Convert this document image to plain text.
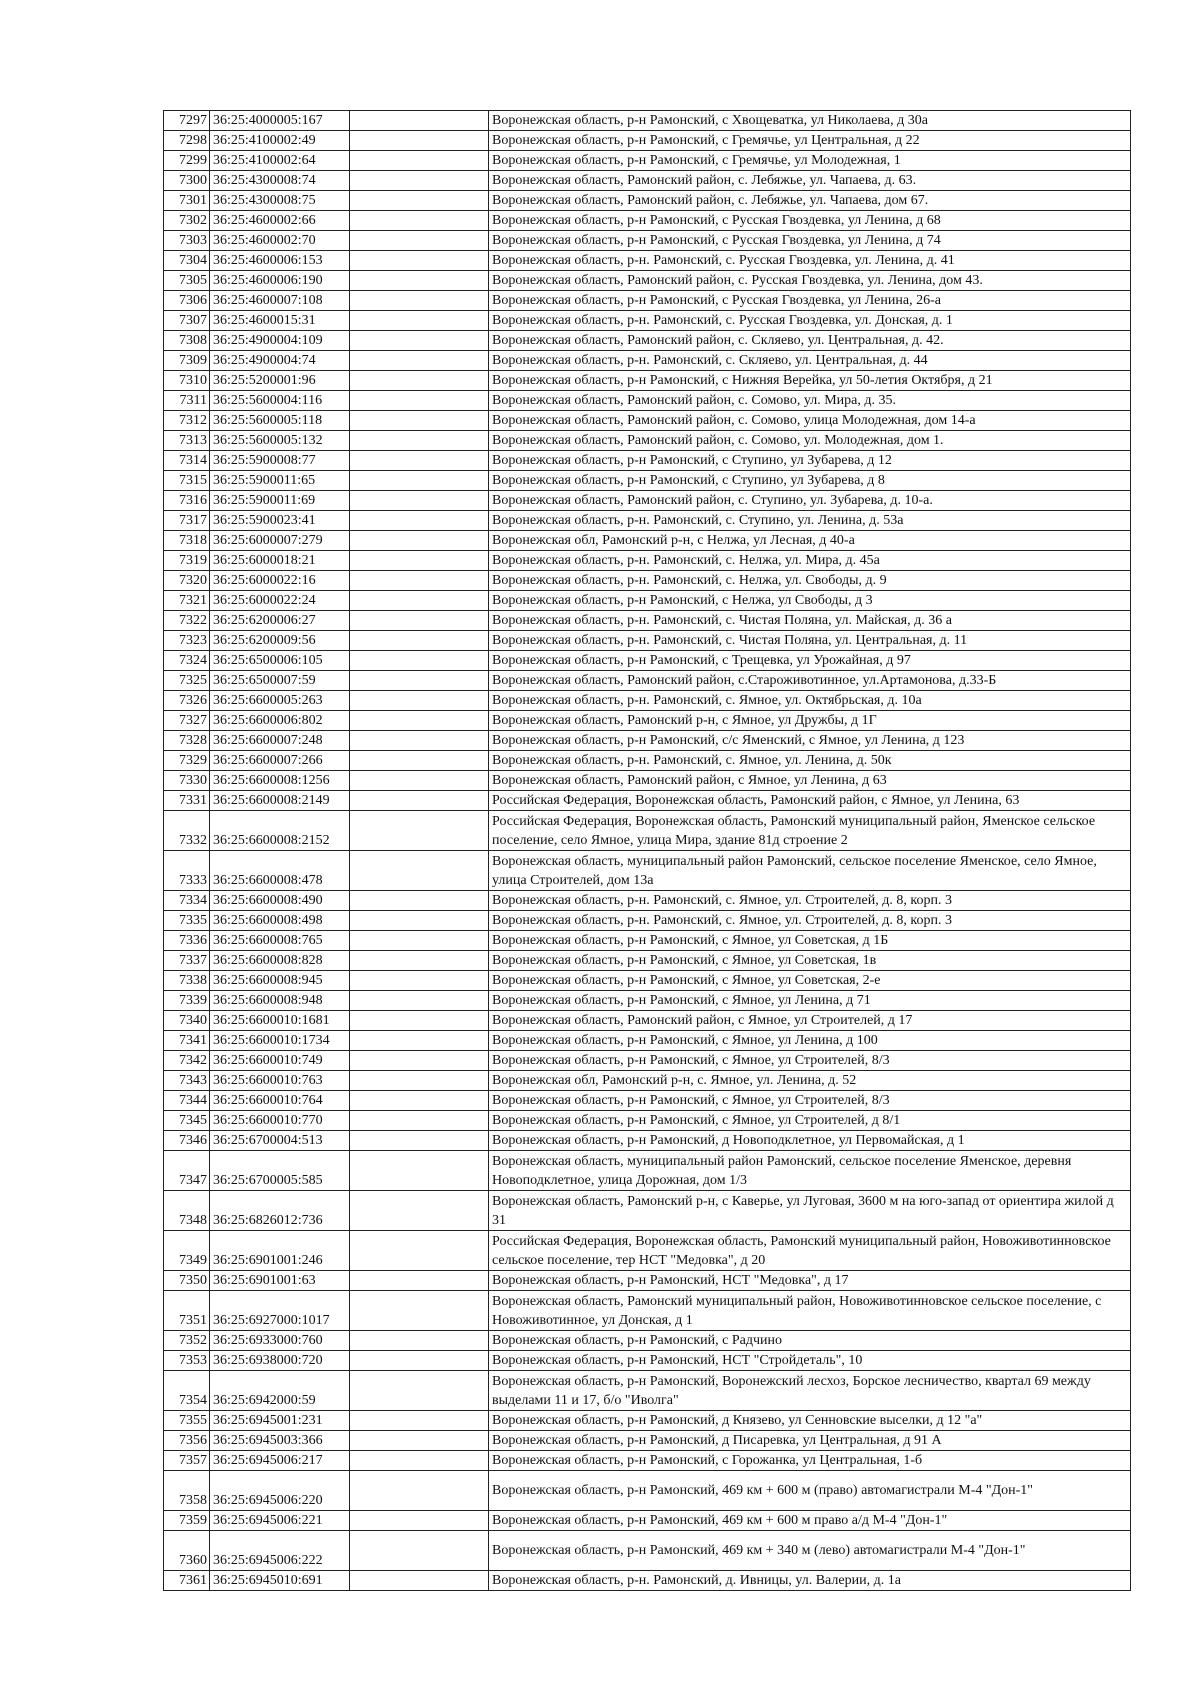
7297	36:25:4000005:167		Воронежская область, р-н Рамонский, с Хвощеватка, ул Николаева, д 30а
7298	36:25:4100002:49		Воронежская область, р-н Рамонский, с Гремячье, ул Центральная, д 22
7299	36:25:4100002:64		Воронежская область, р-н Рамонский, с Гремячье, ул Молодежная, 1
7300	36:25:4300008:74		Воронежская область, Рамонский район, с. Лебяжье, ул. Чапаева, д. 63.
7301	36:25:4300008:75		Воронежская область, Рамонский район, с. Лебяжье, ул. Чапаева, дом 67.
7302	36:25:4600002:66		Воронежская область, р-н Рамонский, с Русская Гвоздевка, ул Ленина, д 68
7303	36:25:4600002:70		Воронежская область, р-н Рамонский, с Русская Гвоздевка, ул Ленина, д 74
7304	36:25:4600006:153		Воронежская область, р-н. Рамонский, с. Русская Гвоздевка, ул. Ленина, д. 41
7305	36:25:4600006:190		Воронежская область, Рамонский район, с. Русская Гвоздевка, ул. Ленина, дом 43.
7306	36:25:4600007:108		Воронежская область, р-н Рамонский, с Русская Гвоздевка, ул Ленина, 26-а
7307	36:25:4600015:31		Воронежская область, р-н. Рамонский, с. Русская Гвоздевка, ул. Донская, д. 1
7308	36:25:4900004:109		Воронежская область, Рамонский район, с. Скляево, ул. Центральная, д. 42.
7309	36:25:4900004:74		Воронежская область, р-н. Рамонский, с. Скляево, ул. Центральная, д. 44
7310	36:25:5200001:96		Воронежская область, р-н Рамонский, с Нижняя Верейка, ул 50-летия Октября, д 21
7311	36:25:5600004:116		Воронежская область, Рамонский район, с. Сомово, ул. Мира, д. 35.
7312	36:25:5600005:118		Воронежская область, Рамонский район, с. Сомово, улица Молодежная, дом 14-а
7313	36:25:5600005:132		Воронежская область, Рамонский район, с. Сомово, ул. Молодежная, дом 1.
7314	36:25:5900008:77		Воронежская область, р-н Рамонский, с Ступино, ул Зубарева, д 12
7315	36:25:5900011:65		Воронежская область, р-н Рамонский, с Ступино, ул Зубарева, д 8
7316	36:25:5900011:69		Воронежская область, Рамонский район, с. Ступино, ул. Зубарева, д. 10-а.
7317	36:25:5900023:41		Воронежская область, р-н. Рамонский, с. Ступино, ул. Ленина, д. 53а
7318	36:25:6000007:279		Воронежская обл, Рамонский р-н, с Нелжа, ул Лесная, д 40-а
7319	36:25:6000018:21		Воронежская область, р-н. Рамонский, с. Нелжа, ул. Мира, д. 45а
7320	36:25:6000022:16		Воронежская область, р-н. Рамонский, с. Нелжа, ул. Свободы, д. 9
7321	36:25:6000022:24		Воронежская область, р-н Рамонский, с Нелжа, ул Свободы, д 3
7322	36:25:6200006:27		Воронежская область, р-н. Рамонский, с. Чистая Поляна, ул. Майская, д. 36 а
7323	36:25:6200009:56		Воронежская область, р-н. Рамонский, с. Чистая Поляна, ул. Центральная, д. 11
7324	36:25:6500006:105		Воронежская область, р-н Рамонский, с Трещевка, ул Урожайная, д 97
7325	36:25:6500007:59		Воронежская область, Рамонский район, с.Староживотинное, ул.Артамонова, д.33-Б
7326	36:25:6600005:263		Воронежская область, р-н. Рамонский, с. Ямное, ул. Октябрьская, д. 10а
7327	36:25:6600006:802		Воронежская область, Рамонский р-н, с Ямное, ул Дружбы, д 1Г
7328	36:25:6600007:248		Воронежская область, р-н Рамонский, с/с Яменский, с Ямное, ул Ленина, д 123
7329	36:25:6600007:266		Воронежская область, р-н. Рамонский, с. Ямное, ул. Ленина, д. 50к
7330	36:25:6600008:1256		Воронежская область, Рамонский район, с Ямное, ул Ленина, д 63
7331	36:25:6600008:2149		Российская Федерация, Воронежская область, Рамонский район, с Ямное, ул Ленина, 63
7332	36:25:6600008:2152		Российская Федерация, Воронежская область, Рамонский муниципальный район, Яменское сельское поселение, село Ямное, улица Мира, здание 81д строение 2
7333	36:25:6600008:478		Воронежская область, муниципальный район Рамонский, сельское поселение Яменское, село Ямное, улица Строителей, дом 13а
7334	36:25:6600008:490		Воронежская область, р-н. Рамонский, с. Ямное, ул. Строителей, д. 8, корп. 3
7335	36:25:6600008:498		Воронежская область, р-н. Рамонский, с. Ямное, ул. Строителей, д. 8, корп. 3
7336	36:25:6600008:765		Воронежская область, р-н Рамонский, с Ямное, ул Советская, д 1Б
7337	36:25:6600008:828		Воронежская область, р-н Рамонский, с Ямное, ул Советская, 1в
7338	36:25:6600008:945		Воронежская область, р-н Рамонский, с Ямное, ул Советская, 2-е
7339	36:25:6600008:948		Воронежская область, р-н Рамонский, с Ямное, ул Ленина, д 71
7340	36:25:6600010:1681		Воронежская область, Рамонский район, с Ямное, ул Строителей, д 17
7341	36:25:6600010:1734		Воронежская область, р-н Рамонский, с Ямное, ул Ленина, д 100
7342	36:25:6600010:749		Воронежская область, р-н Рамонский, с Ямное, ул Строителей, 8/3
7343	36:25:6600010:763		Воронежская обл, Рамонский р-н, с. Ямное, ул. Ленина, д. 52
7344	36:25:6600010:764		Воронежская область, р-н Рамонский, с Ямное, ул Строителей, 8/3
7345	36:25:6600010:770		Воронежская область, р-н Рамонский, с Ямное, ул Строителей, д 8/1
7346	36:25:6700004:513		Воронежская область, р-н Рамонский, д Новоподклетное, ул Первомайская, д 1
7347	36:25:6700005:585		Воронежская область, муниципальный район Рамонский, сельское поселение Яменское, деревня Новоподклетное, улица Дорожная, дом 1/3
7348	36:25:6826012:736		Воронежская область, Рамонский р-н, с Каверье, ул Луговая, 3600 м на юго-запад от ориентира жилой д 31
7349	36:25:6901001:246		Российская Федерация, Воронежская область, Рамонский муниципальный район, Новоживотинновское сельское поселение, тер НСТ "Медовка", д 20
7350	36:25:6901001:63		Воронежская область, р-н Рамонский, НСТ "Медовка", д 17
7351	36:25:6927000:1017		Воронежская область, Рамонский муниципальный район, Новоживотинновское сельское поселение, с Новоживотинное, ул Донская, д 1
7352	36:25:6933000:760		Воронежская область, р-н Рамонский, с Радчино
7353	36:25:6938000:720		Воронежская область, р-н Рамонский, НСТ "Стройдеталь", 10
7354	36:25:6942000:59		Воронежская область, р-н Рамонский, Воронежский лесхоз, Борское лесничество, квартал 69 между выделами 11 и 17, б/о "Иволга"
7355	36:25:6945001:231		Воронежская область, р-н Рамонский, д Князево, ул Сенновские выселки, д 12 "а"
7356	36:25:6945003:366		Воронежская область, р-н Рамонский, д Писаревка, ул Центральная, д 91 А
7357	36:25:6945006:217		Воронежская область, р-н Рамонский, с Горожанка, ул Центральная, 1-б
7358	36:25:6945006:220		Воронежская область, р-н Рамонский, 469 км + 600 м (право) автомагистрали М-4 "Дон-1"
7359	36:25:6945006:221		Воронежская область, р-н Рамонский, 469 км + 600 м право а/д М-4 "Дон-1"
7360	36:25:6945006:222		Воронежская область, р-н Рамонский, 469 км + 340 м (лево) автомагистрали М-4 "Дон-1"
7361	36:25:6945010:691		Воронежская область, р-н. Рамонский, д. Ивницы, ул. Валерии, д. 1а
